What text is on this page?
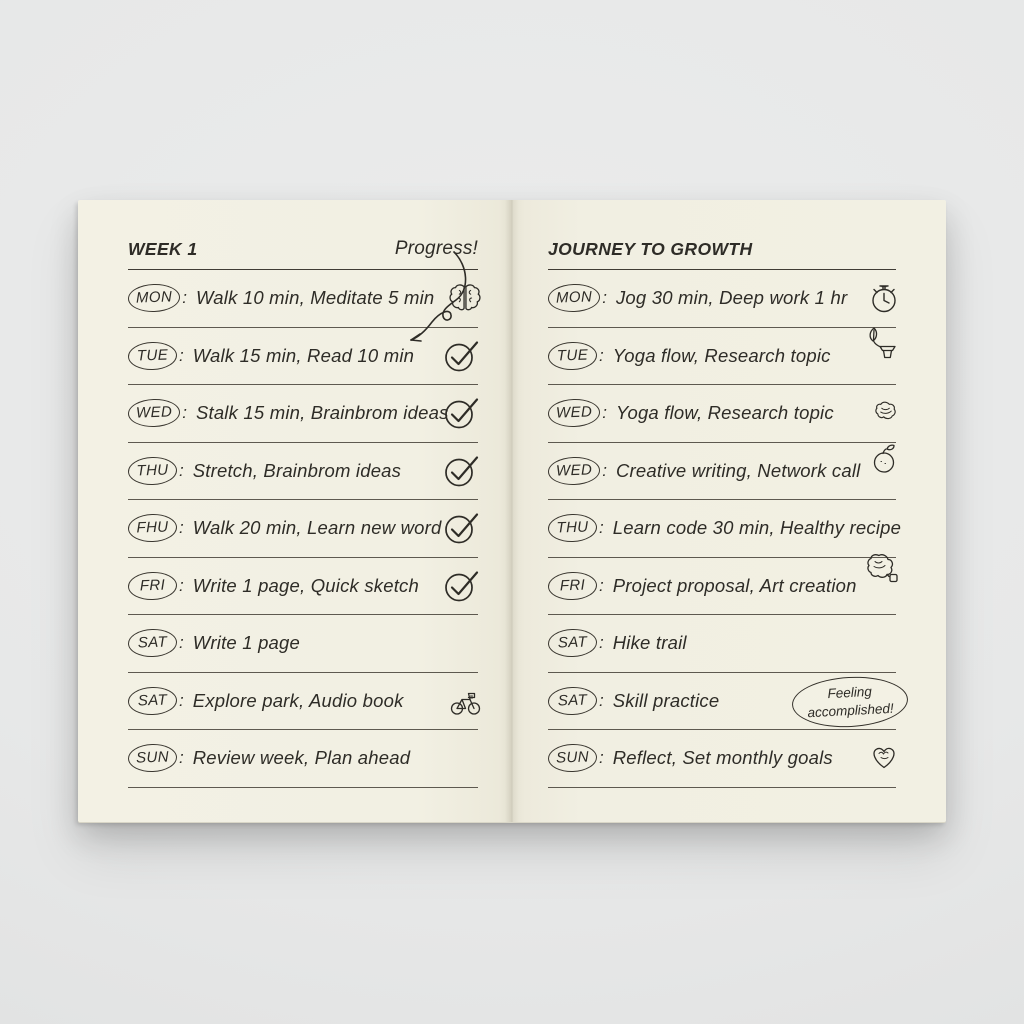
WEEK 1	Progress!
MON : Walk 10 min, Meditate 5 min
TUE : Walk 15 min, Read 10 min
WED : Stalk 15 min, Brainbrom ideas
THU : Stretch, Brainbrom ideas
FHU : Walk 20 min, Learn new word
FRI : Write 1 page, Quick sketch
SAT : Write 1 page
SAT : Explore park, Audio book
SUN : Review week, Plan ahead
JOURNEY TO GROWTH
MON : Jog 30 min, Deep work 1 hr
TUE : Yoga flow, Research topic
WED : Yoga flow, Research topic
WED : Creative writing, Network call
THU : Learn code 30 min, Healthy recipe
FRI : Project proposal, Art creation
SAT : Hike trail
SAT : Skill practice	Feeling
accomplished!
SUN : Reflect, Set monthly goals
